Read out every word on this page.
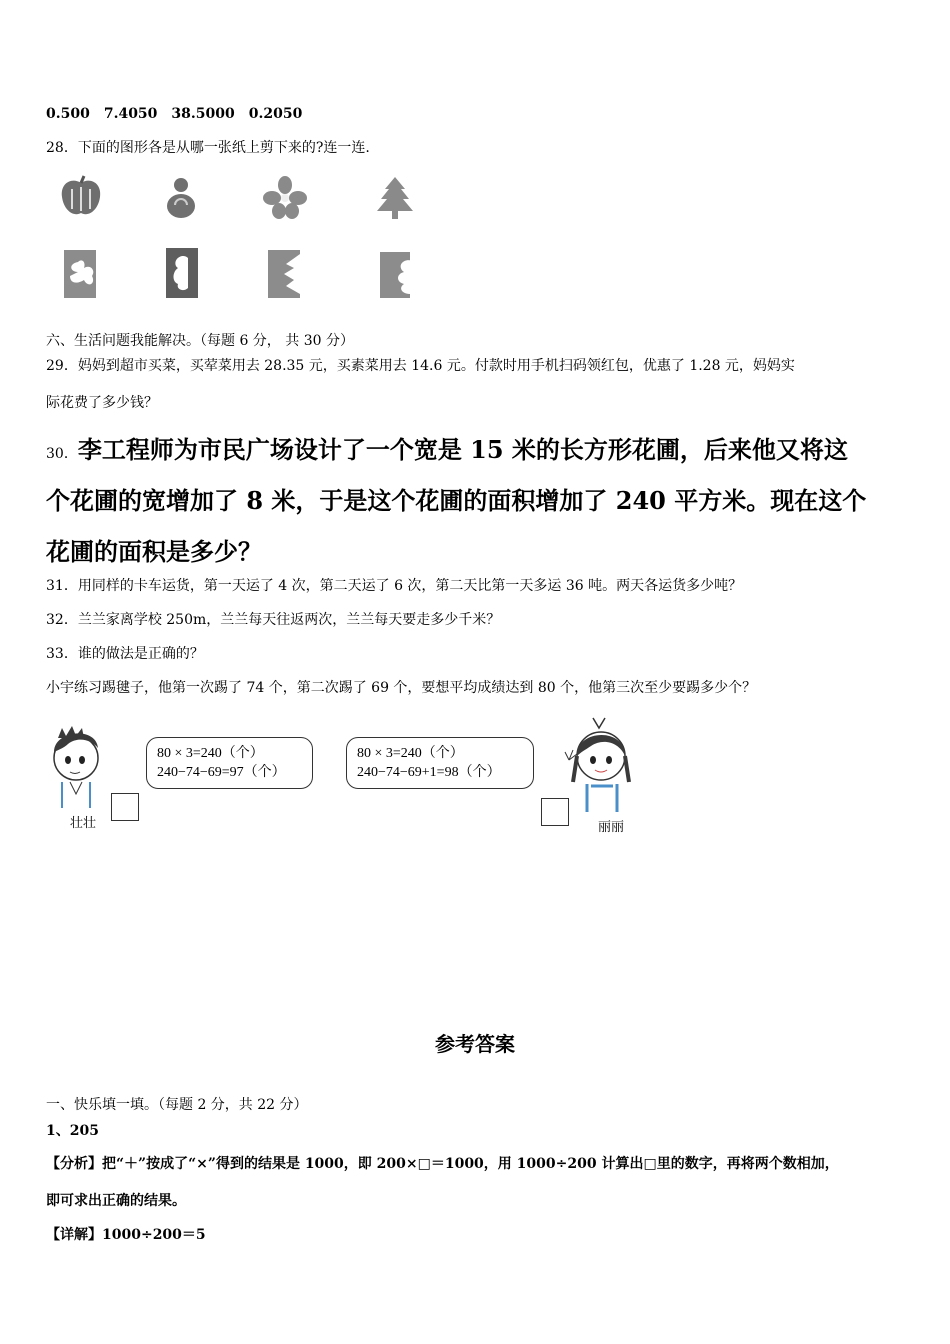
0.500　7.4050　38.5000　0.2050
28．下面的图形各是从哪一张纸上剪下来的?连一连.
六、生活问题我能解决。（每题 6 分， 共 30 分）
29．妈妈到超市买菜，买荤菜用去 28.35 元，买素菜用去 14.6 元。付款时用手机扫码领红包，优惠了 1.28 元，妈妈实
际花费了多少钱？
30．李工程师为市民广场设计了一个宽是 15 米的长方形花圃，后来他又将这
个花圃的宽增加了 8 米，于是这个花圃的面积增加了 240 平方米。现在这个
花圃的面积是多少？
31．用同样的卡车运货，第一天运了 4 次，第二天运了 6 次，第二天比第一天多运 36 吨。两天各运货多少吨？
32．兰兰家离学校 250m，兰兰每天往返两次，兰兰每天要走多少千米？
33．谁的做法是正确的？
小宇练习踢毽子，他第一次踢了 74 个，第二次踢了 69 个，要想平均成绩达到 80 个，他第三次至少要踢多少个？
80 × 3=240（个）
240−74−69=97（个）
壮壮
80 × 3=240（个）
240−74−69+1=98（个）
丽丽
参考答案
一、快乐填一填。（每题 2 分，共 22 分）
1、205
【分析】把“＋”按成了“×”得到的结果是 1000，即 200×□＝1000，用 1000÷200 计算出□里的数字，再将两个数相加，
即可求出正确的结果。
【详解】1000÷200＝5
